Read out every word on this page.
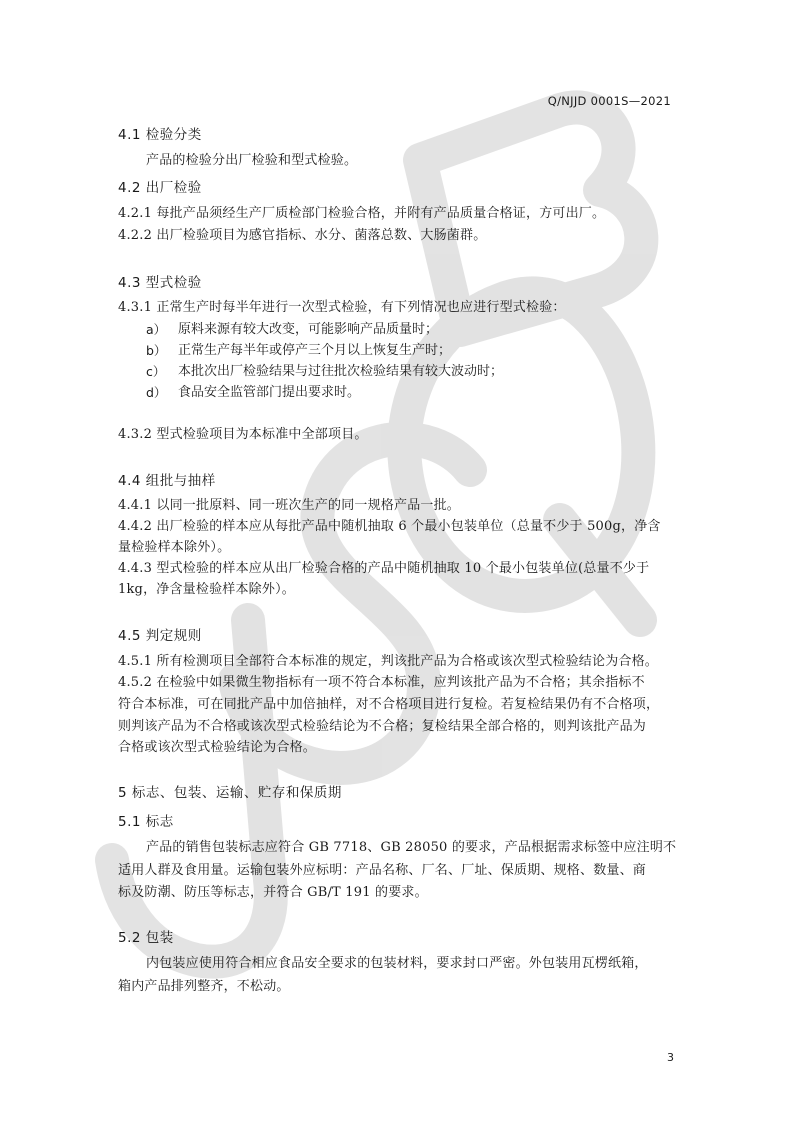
Q/NJJD 0001S—2021
4.1 检验分类
产品的检验分出厂检验和型式检验。
4.2 出厂检验
4.2.1 每批产品须经生产厂质检部门检验合格，并附有产品质量合格证，方可出厂。
4.2.2 出厂检验项目为感官指标、水分、菌落总数、大肠菌群。
4.3 型式检验
4.3.1 正常生产时每半年进行一次型式检验，有下列情况也应进行型式检验：
a） 原料来源有较大改变，可能影响产品质量时；
b） 正常生产每半年或停产三个月以上恢复生产时；
c） 本批次出厂检验结果与过往批次检验结果有较大波动时；
d） 食品安全监管部门提出要求时。
4.3.2 型式检验项目为本标准中全部项目。
4.4 组批与抽样
4.4.1 以同一批原料、同一班次生产的同一规格产品一批。
4.4.2 出厂检验的样本应从每批产品中随机抽取 6 个最小包装单位（总量不少于 500g，净含
量检验样本除外）。
4.4.3 型式检验的样本应从出厂检验合格的产品中随机抽取 10 个最小包装单位(总量不少于
1kg，净含量检验样本除外）。
4.5 判定规则
4.5.1 所有检测项目全部符合本标准的规定，判该批产品为合格或该次型式检验结论为合格。
4.5.2 在检验中如果微生物指标有一项不符合本标准，应判该批产品为不合格；其余指标不
符合本标准，可在同批产品中加倍抽样，对不合格项目进行复检。若复检结果仍有不合格项，
则判该产品为不合格或该次型式检验结论为不合格；复检结果全部合格的，则判该批产品为
合格或该次型式检验结论为合格。
5 标志、包装、运输、贮存和保质期
5.1 标志
产品的销售包装标志应符合 GB 7718、GB 28050 的要求，产品根据需求标签中应注明不
适用人群及食用量。运输包装外应标明：产品名称、厂名、厂址、保质期、规格、数量、商
标及防潮、防压等标志，并符合 GB/T 191 的要求。
5.2 包装
内包装应使用符合相应食品安全要求的包装材料，要求封口严密。外包装用瓦楞纸箱，
箱内产品排列整齐，不松动。
3
